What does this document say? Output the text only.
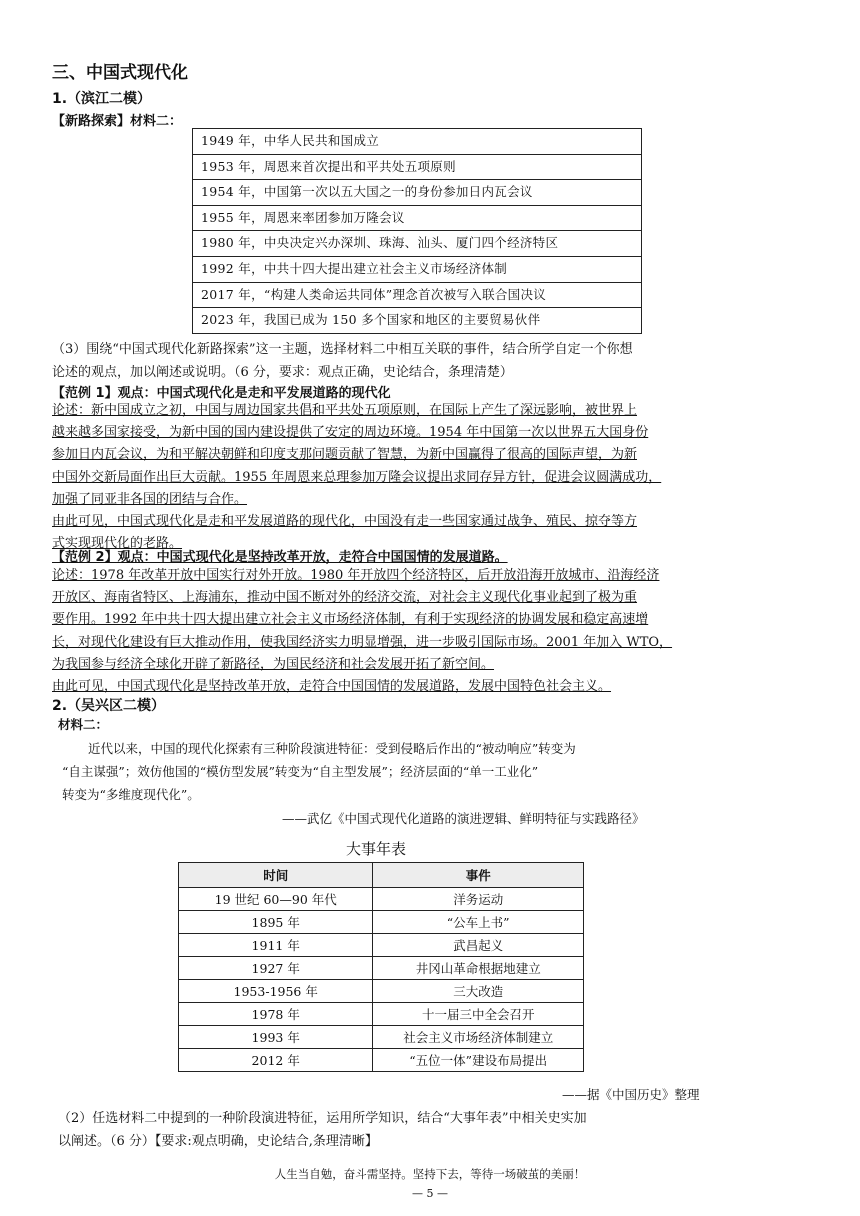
三、中国式现代化
1.（滨江二模）
【新路探索】材料二：
1949 年，中华人民共和国成立
1953 年，周恩来首次提出和平共处五项原则
1954 年，中国第一次以五大国之一的身份参加日内瓦会议
1955 年，周恩来率团参加万隆会议
1980 年，中央决定兴办深圳、珠海、汕头、厦门四个经济特区
1992 年，中共十四大提出建立社会主义市场经济体制
2017 年，“构建人类命运共同体”理念首次被写入联合国决议
2023 年，我国已成为 150 多个国家和地区的主要贸易伙伴
（3）围绕“中国式现代化新路探索”这一主题，选择材料二中相互关联的事件，结合所学自定一个你想
论述的观点，加以阐述或说明。（6 分，要求：观点正确，史论结合，条理清楚）
【范例 1】观点：中国式现代化是走和平发展道路的现代化
论述：新中国成立之初，中国与周边国家共倡和平共处五项原则，在国际上产生了深远影响，被世界上
越来越多国家接受，为新中国的国内建设提供了安定的周边环境。1954 年中国第一次以世界五大国身份
参加日内瓦会议，为和平解决朝鲜和印度支那问题贡献了智慧，为新中国赢得了很高的国际声望，为新
中国外交新局面作出巨大贡献。1955 年周恩来总理参加万隆会议提出求同存异方针，促进会议圆满成功，
加强了同亚非各国的团结与合作。
由此可见，中国式现代化是走和平发展道路的现代化，中国没有走一些国家通过战争、殖民、掠夺等方
式实现现代化的老路。
【范例 2】观点：中国式现代化是坚持改革开放，走符合中国国情的发展道路。
论述：1978 年改革开放中国实行对外开放。1980 年开放四个经济特区，后开放沿海开放城市、沿海经济
开放区、海南省特区、上海浦东，推动中国不断对外的经济交流，对社会主义现代化事业起到了极为重
要作用。1992 年中共十四大提出建立社会主义市场经济体制，有利于实现经济的协调发展和稳定高速增
长，对现代化建设有巨大推动作用，使我国经济实力明显增强，进一步吸引国际市场。2001 年加入 WTO，
为我国参与经济全球化开辟了新路径，为国民经济和社会发展开拓了新空间。
由此可见，中国式现代化是坚持改革开放，走符合中国国情的发展道路，发展中国特色社会主义。
2.（吴兴区二模）
材料二：
近代以来，中国的现代化探索有三种阶段演进特征：受到侵略后作出的“被动响应”转变为
“自主谋强”；效仿他国的“模仿型发展”转变为“自主型发展”；经济层面的“单一工业化”
转变为“多维度现代化”。
——武亿《中国式现代化道路的演进逻辑、鲜明特征与实践路径》
大事年表
时间	事件
19 世纪 60—90 年代	洋务运动
1895 年	“公车上书”
1911 年	武昌起义
1927 年	井冈山革命根据地建立
1953-1956 年	三大改造
1978 年	十一届三中全会召开
1993 年	社会主义市场经济体制建立
2012 年	“五位一体”建设布局提出
——据《中国历史》整理
（2）任选材料二中提到的一种阶段演进特征，运用所学知识，结合“大事年表”中相关史实加
以阐述。（6 分）【要求:观点明确，史论结合,条理清晰】
人生当自勉，奋斗需坚持。坚持下去，等待一场破茧的美丽！
— 5 —
